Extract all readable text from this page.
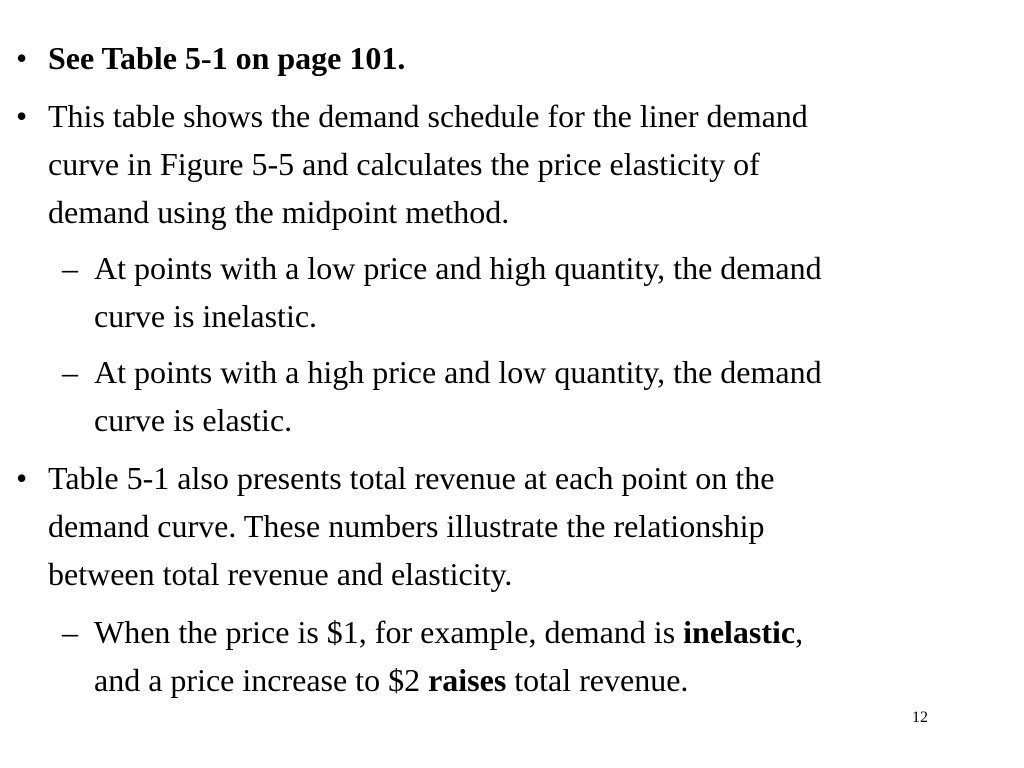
• See Table 5-1 on page 101.
• This table shows the demand schedule for the liner demand
curve in Figure 5-5 and calculates the price elasticity of
demand using the midpoint method.
– At points with a low price and high quantity, the demand
curve is inelastic.
– At points with a high price and low quantity, the demand
curve is elastic.
• Table 5-1 also presents total revenue at each point on the
demand curve. These numbers illustrate the relationship
between total revenue and elasticity.
– When the price is $1, for example, demand is inelastic,
and a price increase to $2 raises total revenue.
12
